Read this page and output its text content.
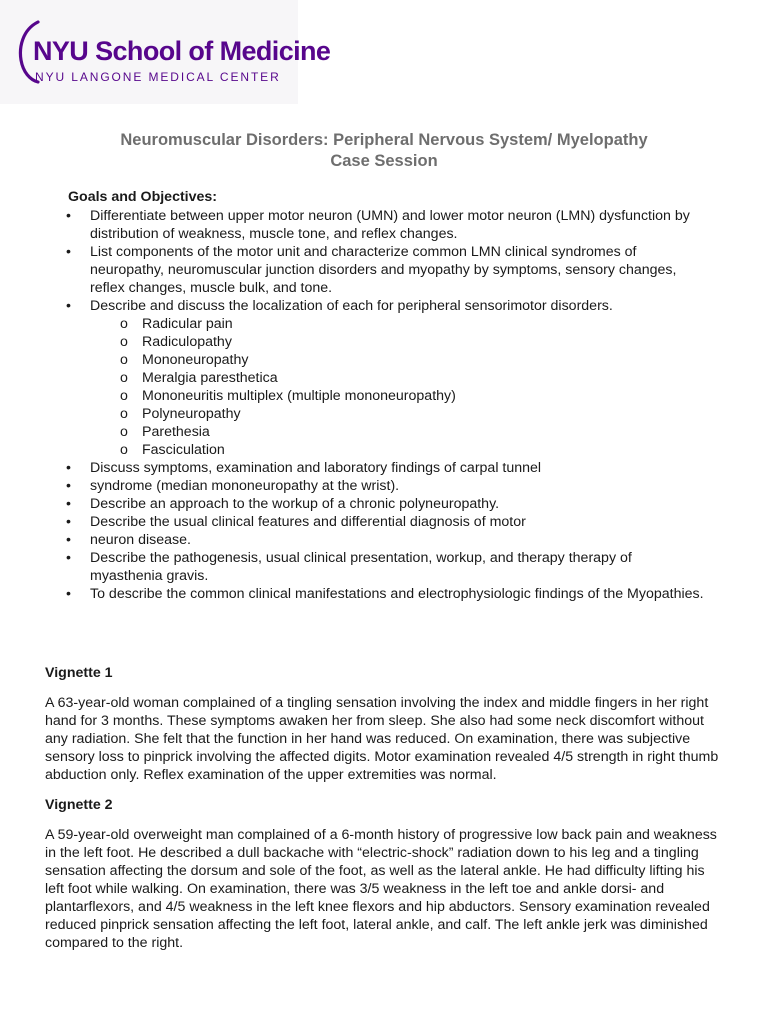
NYU School of Medicine
NYU LANGONE MEDICAL CENTER
Neuromuscular Disorders: Peripheral Nervous System/ Myelopathy
Case Session
Goals and Objectives:
• Differentiate between upper motor neuron (UMN) and lower motor neuron (LMN) dysfunction by distribution of weakness, muscle tone, and reflex changes.
• List components of the motor unit and characterize common LMN clinical syndromes of neuropathy, neuromuscular junction disorders and myopathy by symptoms, sensory changes, reflex changes, muscle bulk, and tone.
• Describe and discuss the localization of each for peripheral sensorimotor disorders.
o Radicular pain
o Radiculopathy
o Mononeuropathy
o Meralgia paresthetica
o Mononeuritis multiplex (multiple mononeuropathy)
o Polyneuropathy
o Parethesia
o Fasciculation
• Discuss symptoms, examination and laboratory findings of carpal tunnel
• syndrome (median mononeuropathy at the wrist).
• Describe an approach to the workup of a chronic polyneuropathy.
• Describe the usual clinical features and differential diagnosis of motor
• neuron disease.
• Describe the pathogenesis, usual clinical presentation, workup, and therapy therapy of myasthenia gravis.
• To describe the common clinical manifestations and electrophysiologic findings of the Myopathies.
Vignette 1

A 63-year-old woman complained of a tingling sensation involving the index and middle fingers in her right hand for 3 months. These symptoms awaken her from sleep. She also had some neck discomfort without any radiation. She felt that the function in her hand was reduced. On examination, there was subjective sensory loss to pinprick involving the affected digits. Motor examination revealed 4/5 strength in right thumb abduction only. Reflex examination of the upper extremities was normal.

Vignette 2

A 59-year-old overweight man complained of a 6-month history of progressive low back pain and weakness in the left foot. He described a dull backache with “electric-shock” radiation down to his leg and a tingling sensation affecting the dorsum and sole of the foot, as well as the lateral ankle. He had difficulty lifting his left foot while walking. On examination, there was 3/5 weakness in the left toe and ankle dorsi- and plantarflexors, and 4/5 weakness in the left knee flexors and hip abductors. Sensory examination revealed reduced pinprick sensation affecting the left foot, lateral ankle, and calf. The left ankle jerk was diminished compared to the right.
